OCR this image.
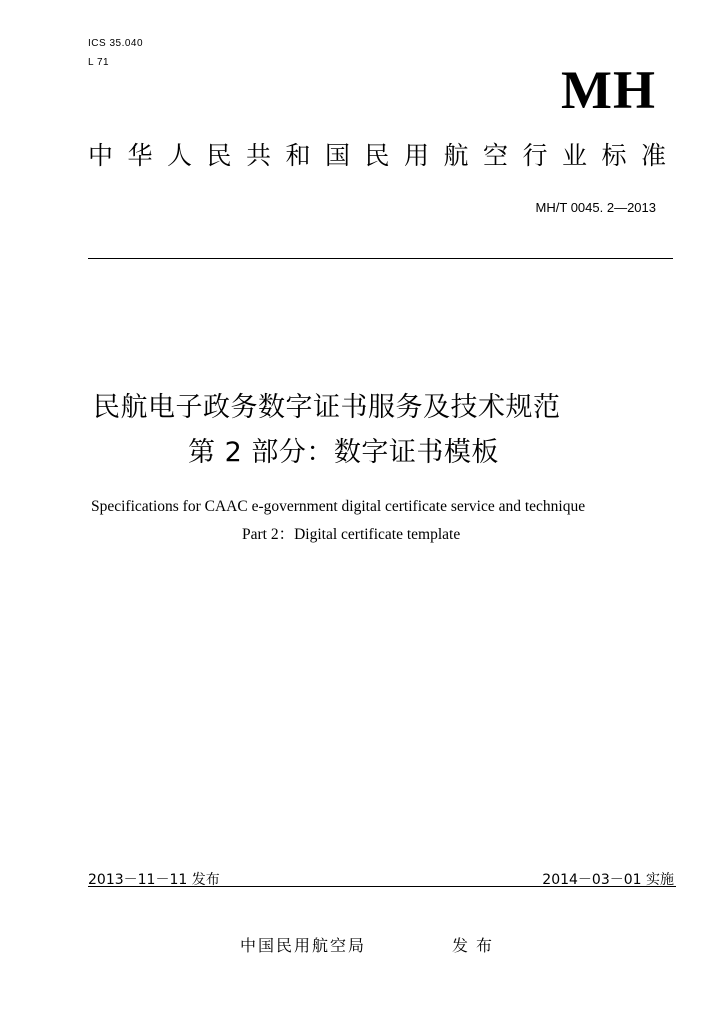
ICS 35.040
L 71	MH
中华人民共和国民用航空行业标准
MH/T 0045. 2—2013
民航电子政务数字证书服务及技术规范
第 2 部分：数字证书模板
Specifications for CAAC e-government digital certificate service and technique
Part 2：Digital certificate template
2013－11－11 发布	2014－03－01 实施
中国民用航空局	发布
